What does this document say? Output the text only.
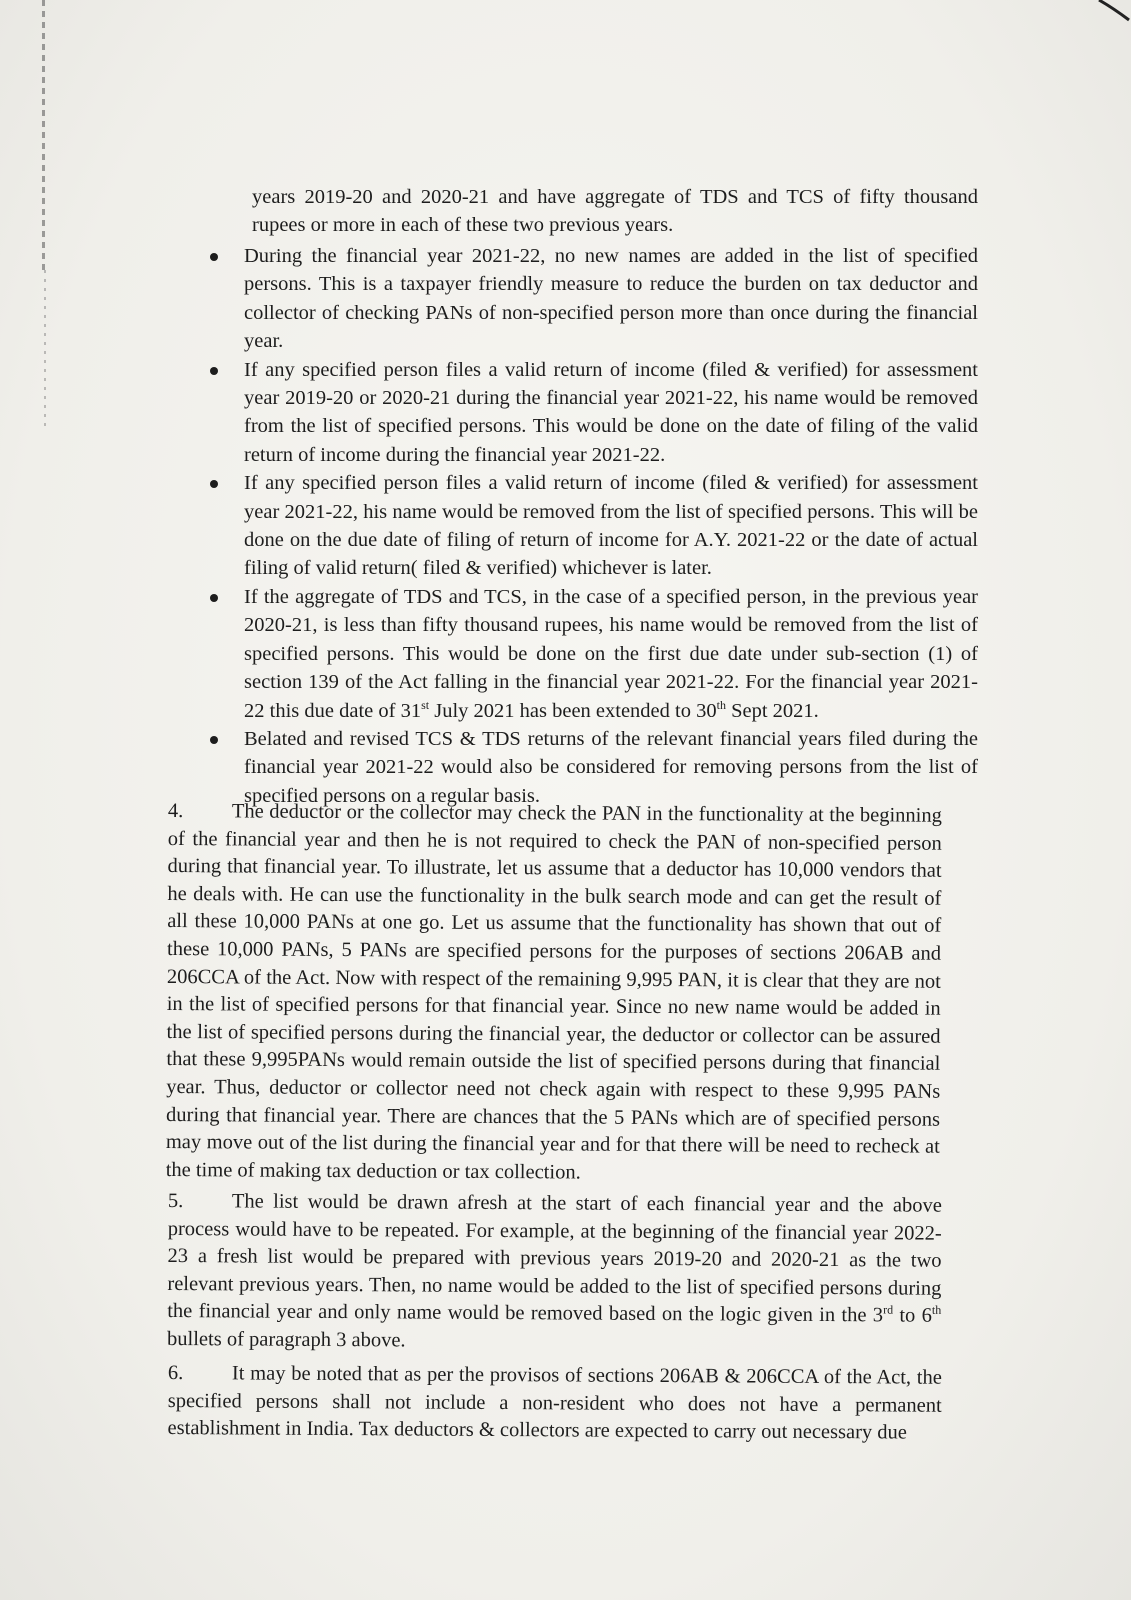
years 2019-20 and 2020-21 and have aggregate of TDS and TCS of fifty thousand rupees or more in each of these two previous years.

During the financial year 2021-22, no new names are added in the list of specified persons. This is a taxpayer friendly measure to reduce the burden on tax deductor and collector of checking PANs of non-specified person more than once during the financial year.
If any specified person files a valid return of income (filed & verified) for assessment year 2019-20 or 2020-21 during the financial year 2021-22, his name would be removed from the list of specified persons. This would be done on the date of filing of the valid return of income during the financial year 2021-22.
If any specified person files a valid return of income (filed & verified) for assessment year 2021-22, his name would be removed from the list of specified persons. This will be done on the due date of filing of return of income for A.Y. 2021-22 or the date of actual filing of valid return( filed & verified) whichever is later.
If the aggregate of TDS and TCS, in the case of a specified person, in the previous year 2020-21, is less than fifty thousand rupees, his name would be removed from the list of specified persons. This would be done on the first due date under sub-section (1) of section 139 of the Act falling in the financial year 2021-22. For the financial year 2021-22 this due date of 31st July 2021 has been extended to 30th Sept 2021.
Belated and revised TCS & TDS returns of the relevant financial years filed during the financial year 2021-22 would also be considered for removing persons from the list of specified persons on a regular basis.

4. The deductor or the collector may check the PAN in the functionality at the beginning of the financial year and then he is not required to check the PAN of non-specified person during that financial year. To illustrate, let us assume that a deductor has 10,000 vendors that he deals with. He can use the functionality in the bulk search mode and can get the result of all these 10,000 PANs at one go. Let us assume that the functionality has shown that out of these 10,000 PANs, 5 PANs are specified persons for the purposes of sections 206AB and 206CCA of the Act. Now with respect of the remaining 9,995 PAN, it is clear that they are not in the list of specified persons for that financial year. Since no new name would be added in the list of specified persons during the financial year, the deductor or collector can be assured that these 9,995PANs would remain outside the list of specified persons during that financial year. Thus, deductor or collector need not check again with respect to these 9,995 PANs during that financial year. There are chances that the 5 PANs which are of specified persons may move out of the list during the financial year and for that there will be need to recheck at the time of making tax deduction or tax collection.

5. The list would be drawn afresh at the start of each financial year and the above process would have to be repeated. For example, at the beginning of the financial year 2022-23 a fresh list would be prepared with previous years 2019-20 and 2020-21 as the two relevant previous years. Then, no name would be added to the list of specified persons during the financial year and only name would be removed based on the logic given in the 3rd to 6th bullets of paragraph 3 above.

6. It may be noted that as per the provisos of sections 206AB & 206CCA of the Act, the specified persons shall not include a non-resident who does not have a permanent establishment in India. Tax deductors & collectors are expected to carry out necessary due
